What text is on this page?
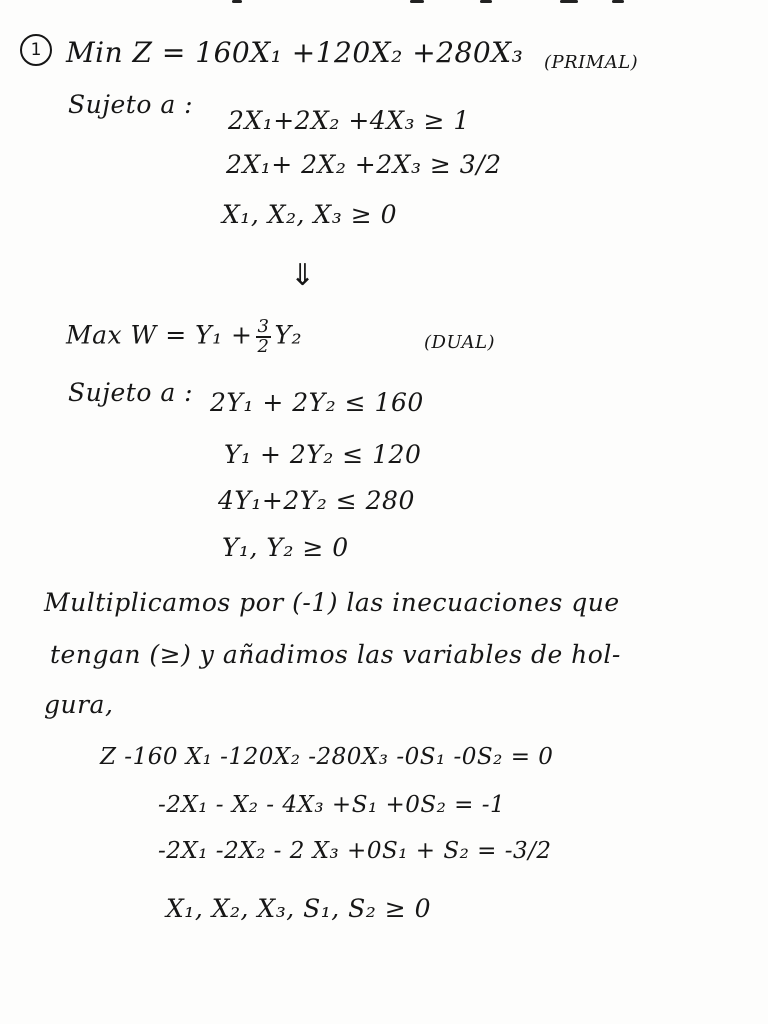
1 Min Z = 160X₁ +120X₂ +280X₃ (PRIMAL)
Sujeto a :
2X₁+2X₂ +4X₃ ≥ 1
2X₁+ 2X₂ +2X₃ ≥ 3/2
X₁, X₂, X₃ ≥ 0
⇓
Max $W = Y_1 + \frac{3}{2} Y_2$	(DUAL)
Sujeto a : 2Y₁ + 2Y₂ ≤ 160
Y₁ + 2Y₂ ≤ 120
4Y₁+2Y₂ ≤ 280
Y₁, Y₂ ≥ 0
Multiplicamos por (-1) las inecuaciones que
tengan (≥) y añadimos las variables de hol-
gura,
Z -160 X₁ -120X₂ -280X₃ -0S₁ -0S₂ = 0
-2X₁ - X₂ - 4X₃ +S₁ +0S₂ = -1
-2X₁ -2X₂ - 2 X₃ +0S₁ + S₂ = -3/2
X₁, X₂, X₃, S₁, S₂ ≥ 0
